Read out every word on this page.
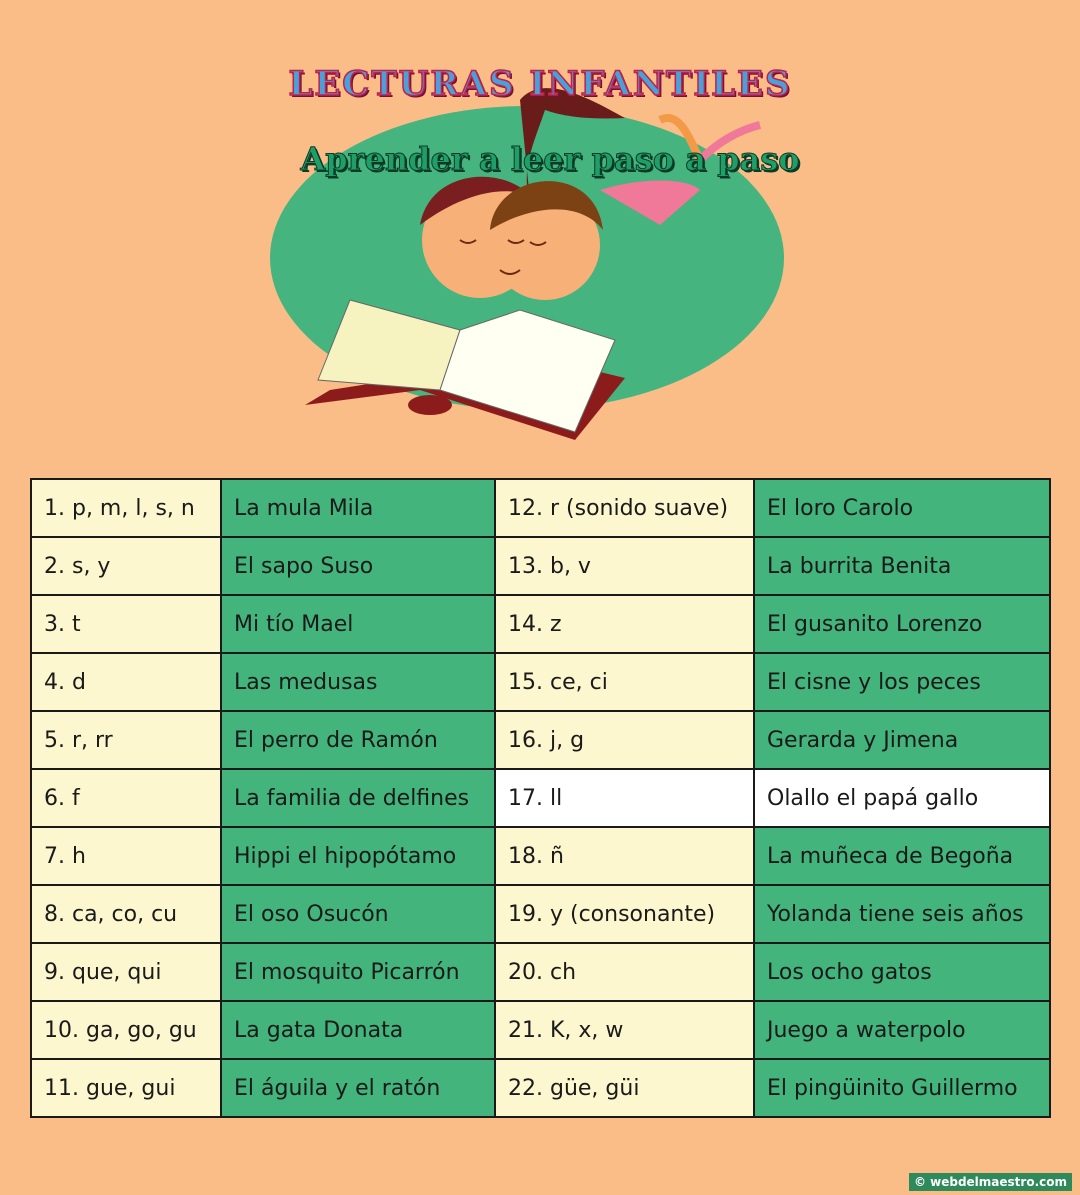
LECTURAS INFANTILES
Aprender a leer paso a paso
1. p, m, l, s, n	La mula Mila	12. r (sonido suave)	El loro Carolo
2. s, y	El sapo Suso	13. b, v	La burrita Benita
3. t	Mi tío Mael	14. z	El gusanito Lorenzo
4. d	Las medusas	15. ce, ci	El cisne y los peces
5. r, rr	El perro de Ramón	16. j, g	Gerarda y Jimena
6. f	La familia de delfines	17. ll	Olallo el papá gallo
7. h	Hippi el hipopótamo	18. ñ	La muñeca de Begoña
8. ca, co, cu	El oso Osucón	19. y (consonante)	Yolanda tiene seis años
9. que, qui	El mosquito Picarrón	20. ch	Los ocho gatos
10. ga, go, gu	La gata Donata	21. K, x, w	Juego a waterpolo
11. gue, gui	El águila y el ratón	22. güe, güi	El pingüinito Guillermo
© webdelmaestro.com
